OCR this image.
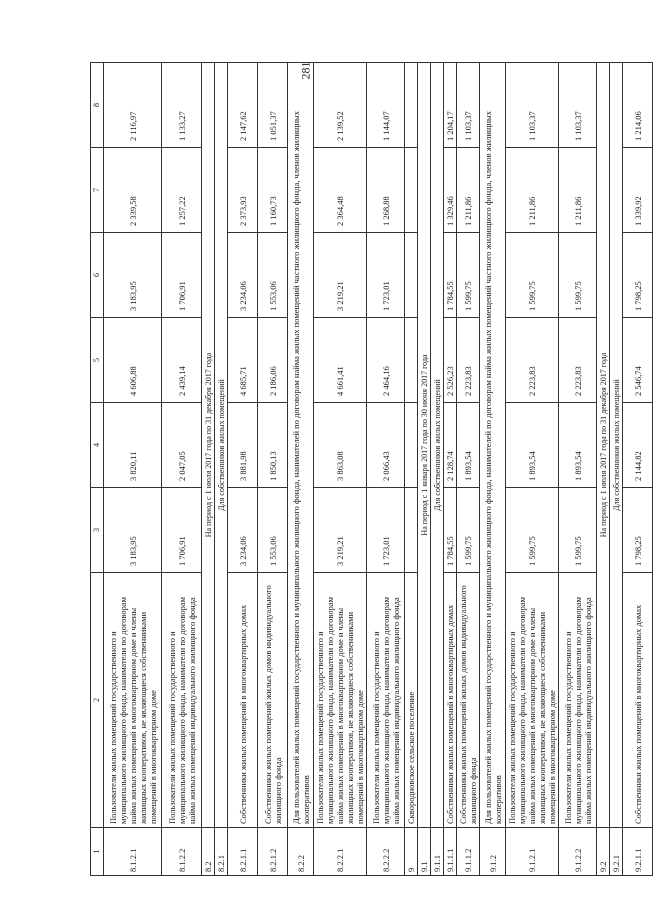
281
1	2	3	4	5	6	7	8
8.1.2.1	Пользователи жилых помещений государственного и муниципального жилищного фонда, наниматели по договорам найма жилых помещений в многоквартирном доме и члены жилищных кооперативов, не являющиеся собственниками помещений в многоквартирном доме	3 183,95	3 820,11	4 606,88	3 183,95	2 339,58	2 116,97
8.1.2.2	Пользователи жилых помещений государственного и муниципального жилищного фонда, наниматели по договорам найма жилых помещений индивидуального жилищного фонда	1 706,91	2 047,05	2 439,14	1 706,91	1 257,22	1 133,27
8.2	На период с 1 июля 2017 года по 31 декабря 2017 года						
8.2.1	Для собственников жилых помещений						
8.2.1.1	Собственники жилых помещений в многоквартирных домах	3 234,06	3 881,98	4 685,71	3 234,06	2 373,93	2 147,62
8.2.1.2	Собственники жилых помещений жилых домов индивидуального жилищного фонда	1 553,06	1 850,13	2 186,06	1 553,06	1 160,73	1 051,37
8.2.2	Для пользователей жилых помещений государственного и муниципального жилищного фонда, нанимателей по договорам найма жилых помещений частного жилищного фонда, членов жилищных кооперативов						
8.2.2.1	Пользователи жилых помещений государственного и муниципального жилищного фонда, наниматели по договорам найма жилых помещений в многоквартирном доме и члены жилищных кооперативов, не являющиеся собственниками помещений в многоквартирном доме	3 219,21	3 863,08	4 661,41	3 219,21	2 364,48	2 139,52
8.2.2.2	Пользователи жилых помещений государственного и муниципального жилищного фонда, наниматели по договорам найма жилых помещений индивидуального жилищного фонда	1 723,01	2 066,43	2 464,16	1 723,01	1 268,88	1 144,07
9	Сквородновское сельское поселение						
9.1	На период с 1 января 2017 года по 30 июня 2017 года						
9.1.1	Для собственников жилых помещений						
9.1.1.1	Собственники жилых помещений в многоквартирных домах	1 784,55	2 128,74	2 526,23	1 784,55	1 329,46	1 204,17
9.1.1.2	Собственники жилых помещений жилых домов индивидуального жилищного фонда	1 599,75	1 893,54	2 223,83	1 599,75	1 211,86	1 103,37
9.1.2	Для пользователей жилых помещений государственного и муниципального жилищного фонда, нанимателей по договорам найма жилых помещений частного жилищного фонда, членов жилищных кооперативов						
9.1.2.1	Пользователи жилых помещений государственного и муниципального жилищного фонда, наниматели по договорам найма жилых помещений в многоквартирном доме и члены жилищных кооперативов, не являющиеся собственниками помещений в многоквартирном доме	1 599,75	1 893,54	2 223,83	1 599,75	1 211,86	1 103,37
9.1.2.2	Пользователи жилых помещений государственного и муниципального жилищного фонда, наниматели по договорам найма жилых помещений индивидуального жилищного фонда	1 599,75	1 893,54	2 223,83	1 599,75	1 211,86	1 103,37
9.2	На период с 1 июля 2017 года по 31 декабря 2017 года						
9.2.1	Для собственников жилых помещений						
9.2.1.1	Собственники жилых помещений в многоквартирных домах	1 798,25	2 144,82	2 546,74	1 798,25	1 339,92	1 214,06
